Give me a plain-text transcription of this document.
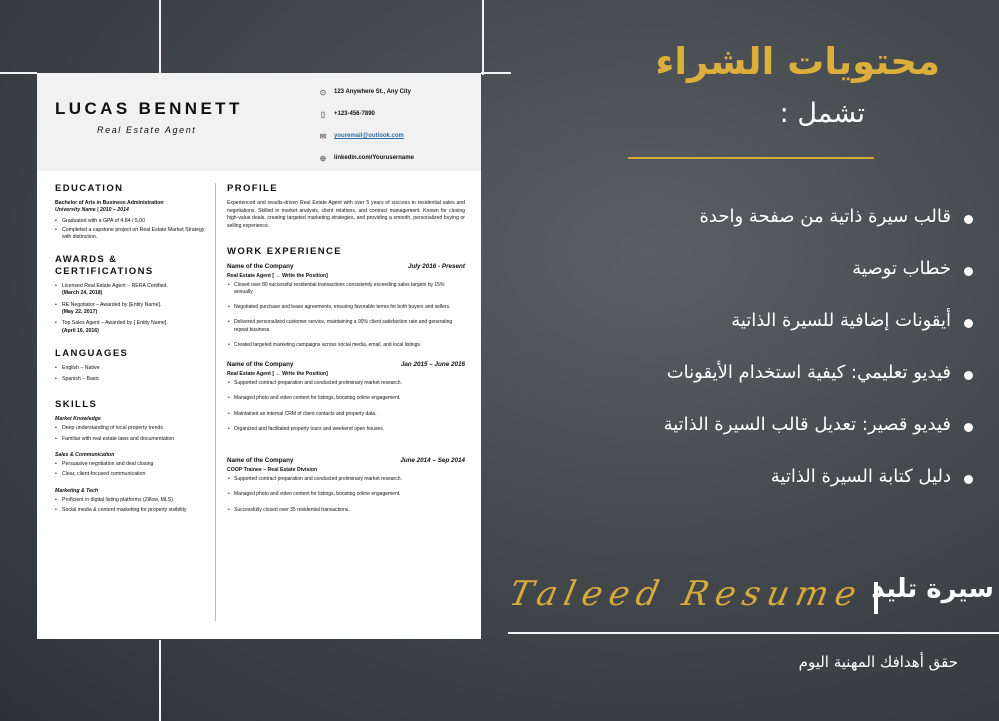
LUCAS BENNETT
Real Estate Agent
⊙ 123 Anywhere St., Any City
▯	+123-456-7890
✉ youremail@outlook.com
⊕ linkedin.com/Yourusername
EDUCATION
Bachelor of Arts in Business Administration
University Name | 2010 – 2014
• Graduated with a GPA of 4.84 / 5.00
• Completed a capstone project on Real Estate Market Strategy with distinction.
AWARDS & CERTIFICATIONS
• Licensed Real Estate Agent – RERA Certified.
(March 24, 2018)
• RE Negotiator – Awarded by [Entity Name].
(May 22, 2017)
• Top Sales Agent – Awarded by [ Entity Name].
(April 16, 2016)
LANGUAGES
• English – Native
• Spanish – Basic
SKILLS
Market Knowledge
• Deep understanding of local property trends
• Familiar with real estate laws and documentation
Sales & Communication
• Persuasive negotiation and deal closing
• Clear, client-focused communication
Marketing & Tech
• Proficient in digital listing platforms (Zillow, MLS)
• Social media & content marketing for property visibility
PROFILE
Experienced and results-driven Real Estate Agent with over 5 years of success in residential sales and negotiations. Skilled in market analysis, client relations, and contract management. Known for closing high-value deals, creating targeted marketing strategies, and providing a smooth, personalized buying or selling experience.
WORK EXPERIENCE
Name of the Company	July 2016 - Present
Real Estate Agent [ ← Write the Position]
• Closed over 80 successful residential transactions consistently exceeding sales targets by 15% annually.
• Negotiated purchase and lease agreements, ensuring favorable terms for both buyers and sellers.
• Delivered personalized customer service, maintaining a 90% client satisfaction rate and generating repeat business.
• Created targeted marketing campaigns across social media, email, and local listings.
Name of the Company	Jan 2015 – June 2016
Real Estate Agent [ ← Write the Position]
• Supported contract preparation and conducted preliminary market research.
• Managed photo and video content for listings, boosting online engagement.
• Maintained an internal CRM of client contacts and property data.
• Organized and facilitated property tours and weekend open houses.
Name of the Company	June 2014 – Sep 2014
COOP Trainee – Real Estate Division
• Supported contract preparation and conducted preliminary market research.
• Managed photo and video content for listings, boosting online engagement.
• Successfully closed over 35 residential transactions.
محتويات الشراء
تشمل :
قالب سيرة ذاتية من صفحة واحدة
خطاب توصية
أيقونات إضافية للسيرة الذاتية
فيديو تعليمي: كيفية استخدام الأيقونات
فيديو قصير: تعديل قالب السيرة الذاتية
دليل كتابة السيرة الذاتية
Taleed Resume سيرة تليد
حقق أهدافك المهنية اليوم
